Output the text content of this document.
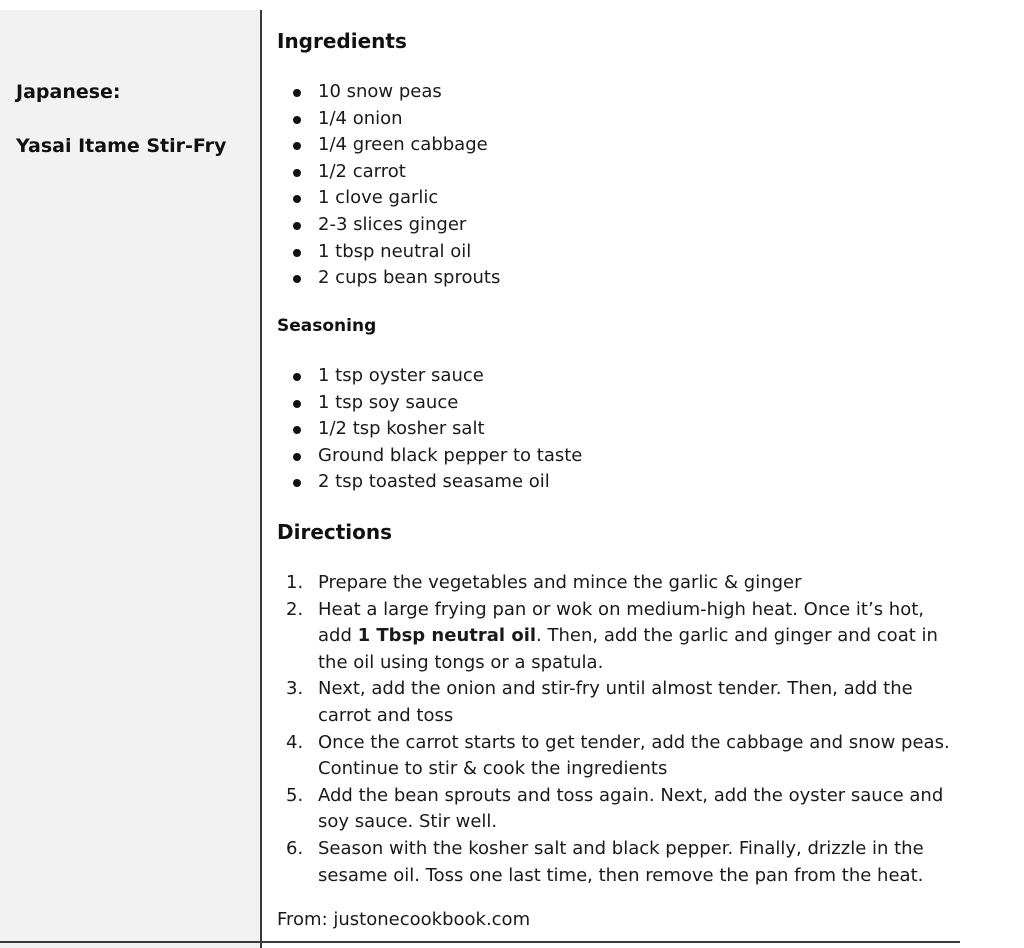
Japanese:
Yasai Itame Stir-Fry
Ingredients
10 snow peas
1/4 onion
1/4 green cabbage
1/2 carrot
1 clove garlic
2-3 slices ginger
1 tbsp neutral oil
2 cups bean sprouts
Seasoning
1 tsp oyster sauce
1 tsp soy sauce
1/2 tsp kosher salt
Ground black pepper to taste
2 tsp toasted seasame oil
Directions
1. Prepare the vegetables and mince the garlic & ginger
2. Heat a large frying pan or wok on medium-high heat. Once it’s hot, add 1 Tbsp neutral oil. Then, add the garlic and ginger and coat in the oil using tongs or a spatula.
3. Next, add the onion and stir-fry until almost tender. Then, add the carrot and toss
4. Once the carrot starts to get tender, add the cabbage and snow peas. Continue to stir & cook the ingredients
5. Add the bean sprouts and toss again. Next, add the oyster sauce and soy sauce. Stir well.
6. Season with the kosher salt and black pepper. Finally, drizzle in the sesame oil. Toss one last time, then remove the pan from the heat.
From: justonecookbook.com
